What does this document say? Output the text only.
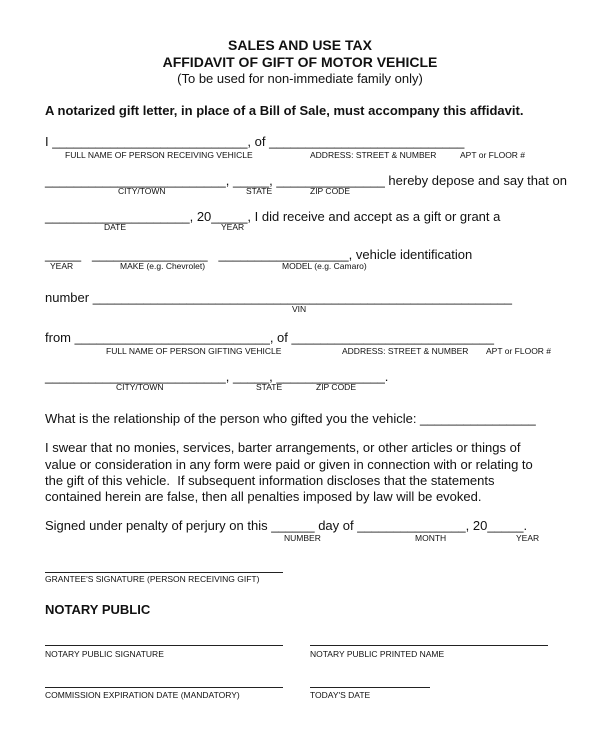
SALES AND USE TAX
AFFIDAVIT OF GIFT OF MOTOR VEHICLE
(To be used for non-immediate family only)
A notarized gift letter, in place of a Bill of Sale, must accompany this affidavit.
I ___________________________, of ___________________________
FULL NAME OF PERSON RECEIVING VEHICLE	ADDRESS: STREET & NUMBER	APT or FLOOR #
_________________________, _____, _______________ hereby depose and say that on
CITY/TOWN	STATE	ZIP CODE
____________________, 20_____, I did receive and accept as a gift or grant a
DATE	YEAR
_____   ________________   __________________, vehicle identification
YEAR	MAKE (e.g. Chevrolet)	MODEL (e.g. Camaro)
number __________________________________________________________
VIN
from ___________________________, of ____________________________
FULL NAME OF PERSON GIFTING VEHICLE	ADDRESS: STREET & NUMBER APT or FLOOR #
_________________________, _____, _______________.
CITY/TOWN	STATE	ZIP CODE
What is the relationship of the person who gifted you the vehicle: ________________
I swear that no monies, services, barter arrangements, or other articles or things of
value or consideration in any form were paid or given in connection with or relating to
the gift of this vehicle.  If subsequent information discloses that the statements
contained herein are false, then all penalties imposed by law will be evoked.
Signed under penalty of perjury on this ______ day of _______________, 20_____.
NUMBER	MONTH	YEAR
GRANTEE'S SIGNATURE (PERSON RECEIVING GIFT)
NOTARY PUBLIC
NOTARY PUBLIC SIGNATURE	NOTARY PUBLIC PRINTED NAME
COMMISSION EXPIRATION DATE (MANDATORY)	TODAY'S DATE
